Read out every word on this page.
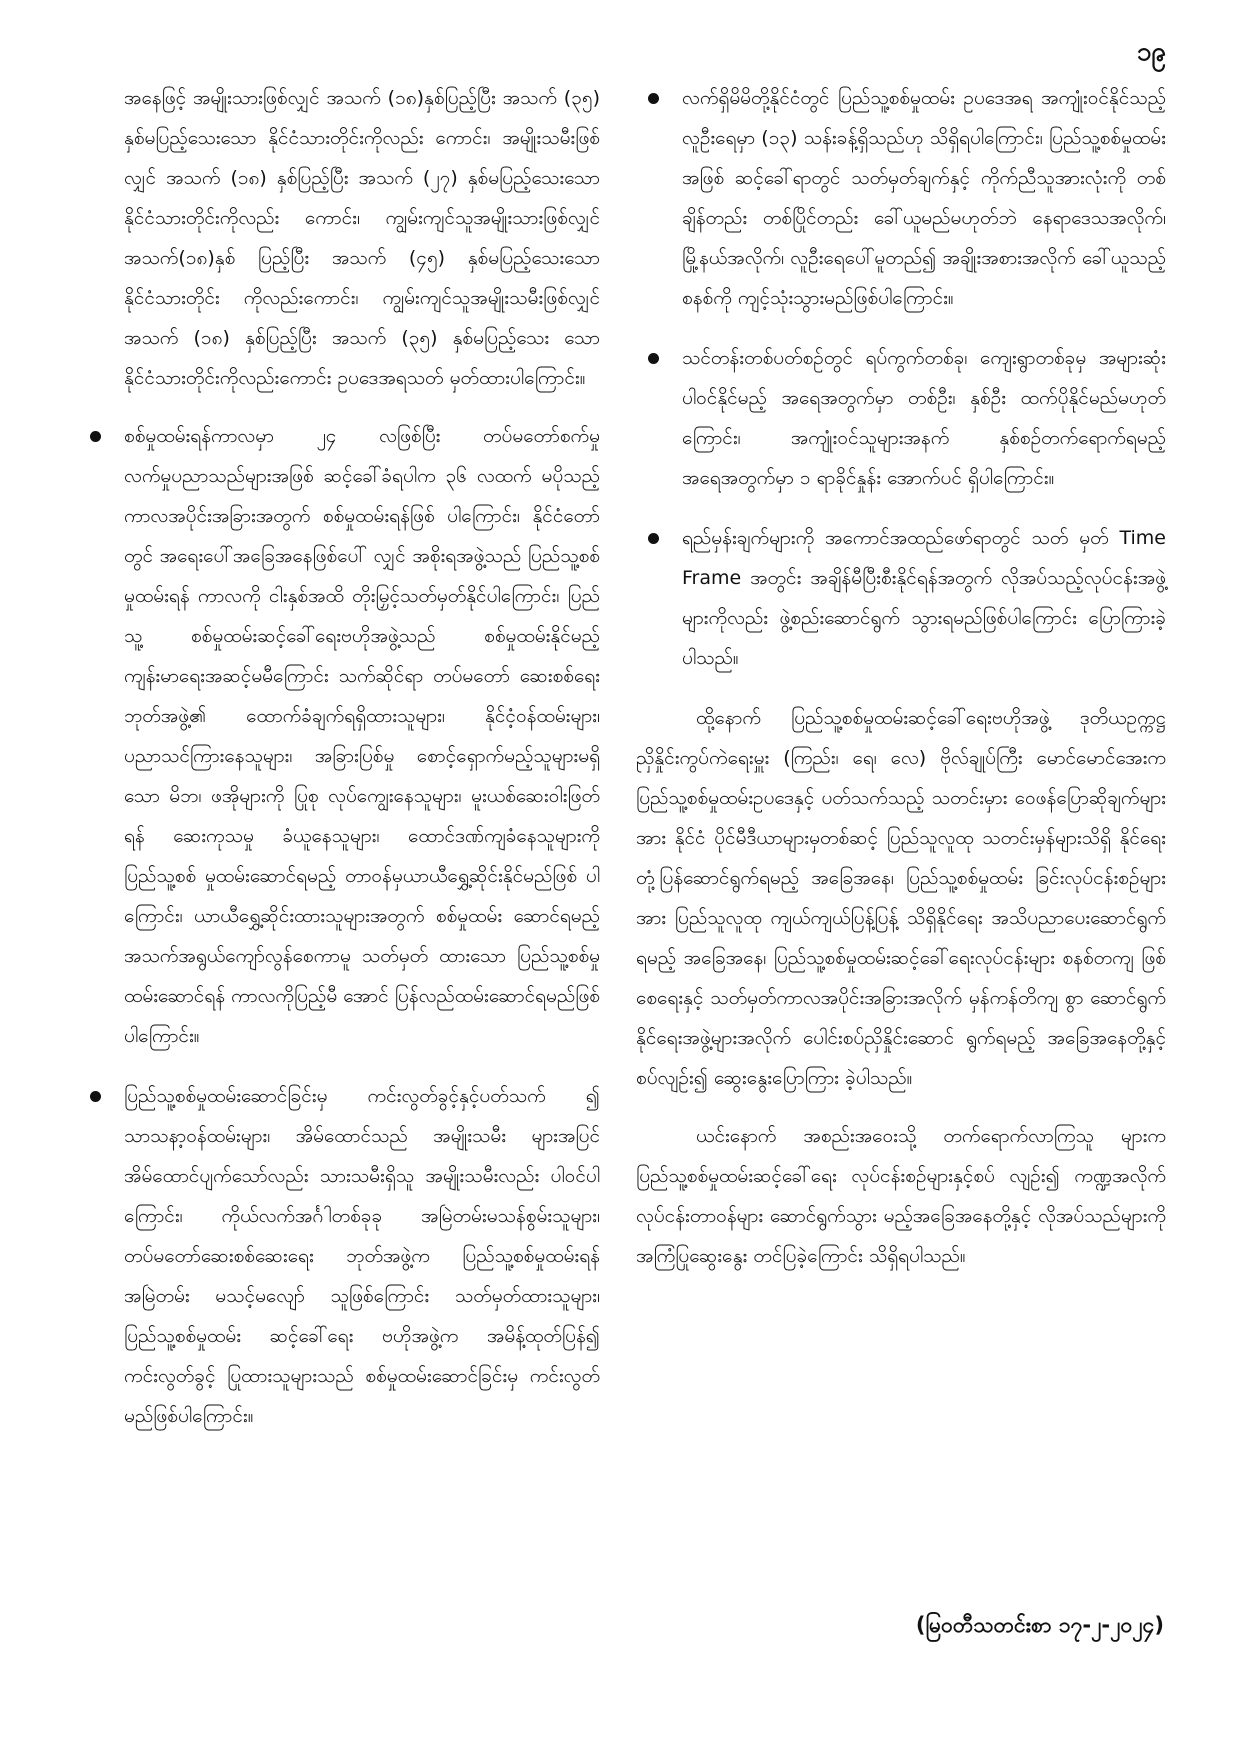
၁၉

အနေဖြင့် အမျိုးသားဖြစ်လျှင် အသက် (၁၈)နှစ်ပြည့်ပြီး အသက် (၃၅) နှစ်မပြည့်သေးသော နိုင်ငံသားတိုင်းကိုလည်း ကောင်း၊ အမျိုးသမီးဖြစ်လျှင် အသက် (၁၈) နှစ်ပြည့်ပြီး အသက် (၂၇) နှစ်မပြည့်သေးသော နိုင်ငံသားတိုင်းကိုလည်း ကောင်း၊ ကျွမ်းကျင်သူအမျိုးသားဖြစ်လျှင် အသက်(၁၈)နှစ် ပြည့်ပြီး အသက် (၄၅) နှစ်မပြည့်သေးသော နိုင်ငံသားတိုင်း ကိုလည်းကောင်း၊ ကျွမ်းကျင်သူအမျိုးသမီးဖြစ်လျှင် အသက် (၁၈) နှစ်ပြည့်ပြီး အသက် (၃၅) နှစ်မပြည့်သေး သော နိုင်ငံသားတိုင်းကိုလည်းကောင်း ဥပဒေအရသတ် မှတ်ထားပါကြောင်း။

စစ်မှုထမ်းရန်ကာလမှာ ၂၄ လဖြစ်ပြီး တပ်မတော်စက်မှု လက်မှုပညာသည်များအဖြစ် ဆင့်ခေါ်ခံရပါက ၃၆ လထက် မပိုသည့် ကာလအပိုင်းအခြားအတွက် စစ်မှုထမ်းရန်ဖြစ် ပါကြောင်း၊ နိုင်ငံတော်တွင် အရေးပေါ်အခြေအနေဖြစ်ပေါ် လျှင် အစိုးရအဖွဲ့သည် ပြည်သူ့စစ်မှုထမ်းရန် ကာလကို ငါးနှစ်အထိ တိုးမြှင့်သတ်မှတ်နိုင်ပါကြောင်း၊ ပြည်သူ့ စစ်မှုထမ်းဆင့်ခေါ်ရေးဗဟိုအဖွဲ့သည် စစ်မှုထမ်းနိုင်မည့် ကျန်းမာရေးအဆင့်မမီကြောင်း သက်ဆိုင်ရာ တပ်မတော် ဆေးစစ်ရေးဘုတ်အဖွဲ့၏ ထောက်ခံချက်ရရှိထားသူများ၊ နိုင်ငံ့ဝန်ထမ်းများ၊ ပညာသင်ကြားနေသူများ၊ အခြားပြစ်မှု စောင့်ရှောက်မည့်သူများမရှိသော မိဘ၊ ဖအိုများကို ပြုစု လုပ်ကျွေးနေသူများ၊ မူးယစ်ဆေးဝါးဖြတ်ရန် ဆေးကုသမှု ခံယူနေသူများ၊ ထောင်ဒဏ်ကျခံနေသူများကို ပြည်သူ့စစ် မှုထမ်းဆောင်ရမည့် တာဝန်မှယာယီရွှေ့ဆိုင်းနိုင်မည်ဖြစ် ပါကြောင်း၊ ယာယီရွှေ့ဆိုင်းထားသူများအတွက် စစ်မှုထမ်း ဆောင်ရမည့် အသက်အရွယ်ကျော်လွန်စေကာမူ သတ်မှတ် ထားသော ပြည်သူ့စစ်မှုထမ်းဆောင်ရန် ကာလကိုပြည့်မီ အောင် ပြန်လည်ထမ်းဆောင်ရမည်ဖြစ်ပါကြောင်း။
ပြည်သူ့စစ်မှုထမ်းဆောင်ခြင်းမှ ကင်းလွတ်ခွင့်နှင့်ပတ်သက် ၍ သာသနာ့ဝန်ထမ်းများ၊ အိမ်ထောင်သည် အမျိုးသမီး များအပြင် အိမ်ထောင်ပျက်သော်လည်း သားသမီးရှိသူ အမျိုးသမီးလည်း ပါဝင်ပါကြောင်း၊ ကိုယ်လက်အင်္ဂါတစ်ခုခု အမြဲတမ်းမသန်စွမ်းသူများ၊ တပ်မတော်ဆေးစစ်ဆေးရေး ဘုတ်အဖွဲ့က ပြည်သူ့စစ်မှုထမ်းရန် အမြဲတမ်း မသင့်မလျော် သူဖြစ်ကြောင်း သတ်မှတ်ထားသူများ၊ ပြည်သူ့စစ်မှုထမ်း ဆင့်ခေါ်ရေး ဗဟိုအဖွဲ့က အမိန့်ထုတ်ပြန်၍ ကင်းလွတ်ခွင့် ပြုထားသူများသည် စစ်မှုထမ်းဆောင်ခြင်းမှ ကင်းလွတ် မည်ဖြစ်ပါကြောင်း။
လက်ရှိမိမိတို့နိုင်ငံတွင် ပြည်သူ့စစ်မှုထမ်း ဥပဒေအရ အကျုံးဝင်နိုင်သည့် လူဦးရေမှာ (၁၃) သန်းခန့်ရှိသည်ဟု သိရှိရပါကြောင်း၊ ပြည်သူ့စစ်မှုထမ်းအဖြစ် ဆင့်ခေါ်ရာတွင် သတ်မှတ်ချက်နှင့် ကိုက်ညီသူအားလုံးကို တစ်ချိန်တည်း တစ်ပြိုင်တည်း ခေါ်ယူမည်မဟုတ်ဘဲ နေရာဒေသအလိုက်၊ မြို့နယ်အလိုက်၊ လူဦးရေပေါ်မူတည်၍ အချိုးအစားအလိုက် ခေါ်ယူသည့်စနစ်ကို ကျင့်သုံးသွားမည်ဖြစ်ပါကြောင်း။
သင်တန်းတစ်ပတ်စဉ်တွင် ရပ်ကွက်တစ်ခု၊ ကျေးရွာတစ်ခုမှ အများဆုံးပါဝင်နိုင်မည့် အရေအတွက်မှာ တစ်ဦး၊ နှစ်ဦး ထက်ပိုနိုင်မည်မဟုတ်ကြောင်း၊ အကျုံးဝင်သူများအနက် နှစ်စဉ်တက်ရောက်ရမည့် အရေအတွက်မှာ ၁ ရာခိုင်နှုန်း အောက်ပင် ရှိပါကြောင်း။
ရည်မှန်းချက်များကို အကောင်အထည်ဖော်ရာတွင် သတ် မှတ် Time Frame အတွင်း အချိန်မီပြီးစီးနိုင်ရန်အတွက် လိုအပ်သည့်လုပ်ငန်းအဖွဲ့များကိုလည်း ဖွဲ့စည်းဆောင်ရွက် သွားရမည်ဖြစ်ပါကြောင်း ပြောကြားခဲ့ပါသည်။

ထို့နောက် ပြည်သူ့စစ်မှုထမ်းဆင့်ခေါ်ရေးဗဟိုအဖွဲ့ ဒုတိယဥက္ကဋ္ဌ ညှိနှိုင်းကွပ်ကဲရေးမှူး (ကြည်း၊ ရေ၊ လေ) ဗိုလ်ချုပ်ကြီး မောင်မောင်အေးက ပြည်သူ့စစ်မှုထမ်းဥပဒေနှင့် ပတ်သက်သည့် သတင်းမှား ဝေဖန်ပြောဆိုချက်များအား နိုင်ငံ ပိုင်မီဒီယာများမှတစ်ဆင့် ပြည်သူလူထု သတင်းမှန်များသိရှိ နိုင်ရေး တုံ့ပြန်ဆောင်ရွက်ရမည့် အခြေအနေ၊ ပြည်သူ့စစ်မှုထမ်း ခြင်းလုပ်ငန်းစဉ်များအား ပြည်သူလူထု ကျယ်ကျယ်ပြန့်ပြန့် သိရှိနိုင်ရေး အသိပညာပေးဆောင်ရွက်ရမည့် အခြေအနေ၊ ပြည်သူ့စစ်မှုထမ်းဆင့်ခေါ်ရေးလုပ်ငန်းများ စနစ်တကျ ဖြစ် စေရေးနှင့် သတ်မှတ်ကာလအပိုင်းအခြားအလိုက် မှန်ကန်တိကျ စွာ ဆောင်ရွက်နိုင်ရေးအဖွဲ့များအလိုက် ပေါင်းစပ်ညှိနှိုင်းဆောင် ရွက်ရမည့် အခြေအနေတို့နှင့်စပ်လျဉ်း၍ ဆွေးနွေးပြောကြား ခဲ့ပါသည်။

ယင်းနောက် အစည်းအဝေးသို့ တက်ရောက်လာကြသူ များက ပြည်သူ့စစ်မှုထမ်းဆင့်ခေါ်ရေး လုပ်ငန်းစဉ်များနှင့်စပ် လျဉ်း၍ ကဏ္ဍအလိုက် လုပ်ငန်းတာဝန်များ ဆောင်ရွက်သွား မည့်အခြေအနေတို့နှင့် လိုအပ်သည်များကို အကြံပြုဆွေးနွေး တင်ပြခဲ့ကြောင်း သိရှိရပါသည်။

(မြဝတီသတင်းစာ ၁၇-၂-၂၀၂၄)
